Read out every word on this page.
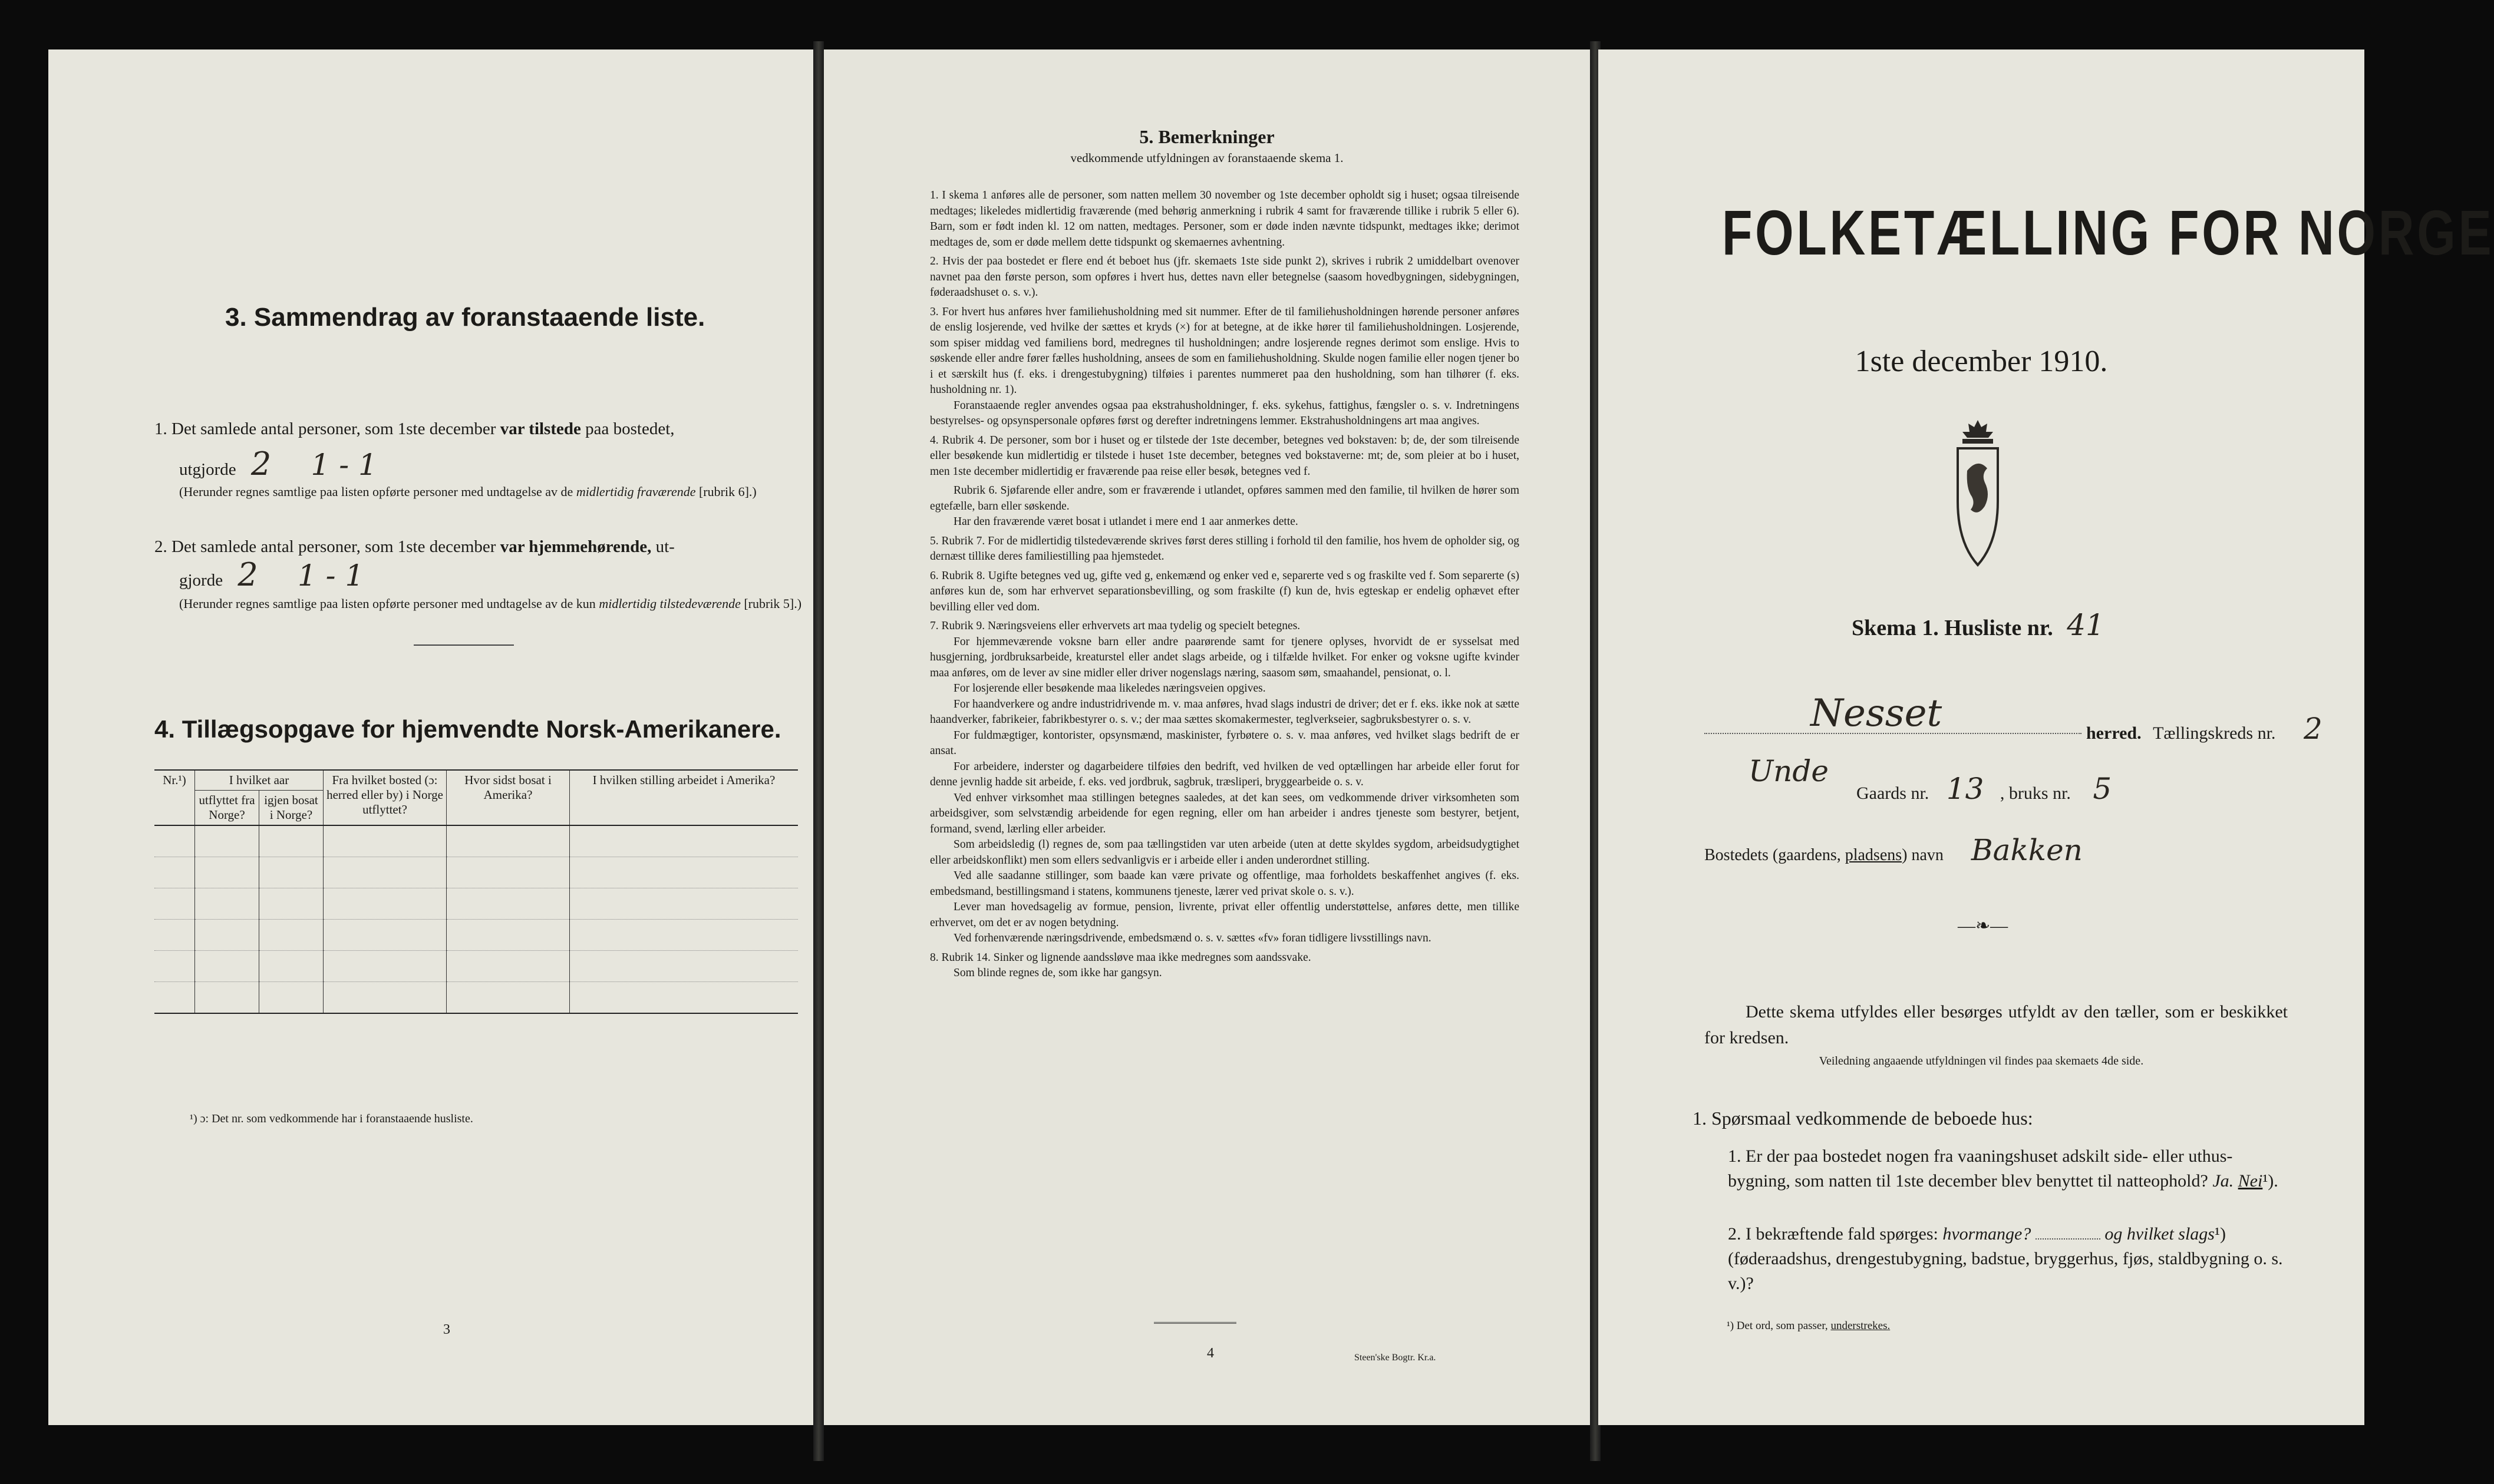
3. Sammendrag av foranstaaende liste.
1. Det samlede antal personer, som 1ste december var tilstede paa bostedet,
utgjorde 2 1 - 1
(Herunder regnes samtlige paa listen opførte personer med undtagelse av de midlertidig fraværende [rubrik 6].)
2. Det samlede antal personer, som 1ste december var hjemmehørende, ut-
gjorde 2 1 - 1
(Herunder regnes samtlige paa listen opførte personer med undtagelse av de kun midlertidig tilstedeværende [rubrik 5].)
4. Tillægsopgave for hjemvendte Norsk-Amerikanere.
Nr.¹)	I hvilket aar		Fra hvilket bosted (ɔ: herred eller by) i Norge utflyttet?	Hvor sidst bosat i Amerika?	I hvilken stilling arbeidet i Amerika?
	utflyttet fra Norge?	igjen bosat i Norge?			

¹) ɔ: Det nr. som vedkommende har i foranstaaende husliste.
3
5. Bemerkninger
vedkommende utfyldningen av foranstaaende skema 1.

1. I skema 1 anføres alle de personer, som natten mellem 30 november og 1ste december opholdt sig i huset; ogsaa tilreisende medtages; likeledes midlertidig fraværende (med behørig anmerkning i rubrik 4 samt for fraværende tillike i rubrik 5 eller 6). Barn, som er født inden kl. 12 om natten, medtages. Personer, som er døde inden nævnte tidspunkt, medtages ikke; derimot medtages de, som er døde mellem dette tidspunkt og skemaernes avhentning.

2. Hvis der paa bostedet er flere end ét beboet hus (jfr. skemaets 1ste side punkt 2), skrives i rubrik 2 umiddelbart ovenover navnet paa den første person, som opføres i hvert hus, dettes navn eller betegnelse (saasom hovedbygningen, sidebygningen, føderaadshuset o. s. v.).

3. For hvert hus anføres hver familiehusholdning med sit nummer. Efter de til familiehusholdningen hørende personer anføres de enslig losjerende, ved hvilke der sættes et kryds (×) for at betegne, at de ikke hører til familiehusholdningen. Losjerende, som spiser middag ved familiens bord, medregnes til husholdningen; andre losjerende regnes derimot som enslige. Hvis to søskende eller andre fører fælles husholdning, ansees de som en familiehusholdning. Skulde nogen familie eller nogen tjener bo i et særskilt hus (f. eks. i drengestubygning) tilføies i parentes nummeret paa den husholdning, som han tilhører (f. eks. husholdning nr. 1).

Foranstaaende regler anvendes ogsaa paa ekstrahusholdninger, f. eks. sykehus, fattighus, fængsler o. s. v. Indretningens bestyrelses- og opsynspersonale opføres først og derefter indretningens lemmer. Ekstrahusholdningens art maa angives.

4. Rubrik 4. De personer, som bor i huset og er tilstede der 1ste december, betegnes ved bokstaven: b; de, der som tilreisende eller besøkende kun midlertidig er tilstede i huset 1ste december, betegnes ved bokstaverne: mt; de, som pleier at bo i huset, men 1ste december midlertidig er fraværende paa reise eller besøk, betegnes ved f.

Rubrik 6. Sjøfarende eller andre, som er fraværende i utlandet, opføres sammen med den familie, til hvilken de hører som egtefælle, barn eller søskende.

Har den fraværende været bosat i utlandet i mere end 1 aar anmerkes dette.

5. Rubrik 7. For de midlertidig tilstedeværende skrives først deres stilling i forhold til den familie, hos hvem de opholder sig, og dernæst tillike deres familiestilling paa hjemstedet.

6. Rubrik 8. Ugifte betegnes ved ug, gifte ved g, enkemænd og enker ved e, separerte ved s og fraskilte ved f. Som separerte (s) anføres kun de, som har erhvervet separationsbevilling, og som fraskilte (f) kun de, hvis egteskap er endelig ophævet efter bevilling eller ved dom.

7. Rubrik 9. Næringsveiens eller erhvervets art maa tydelig og specielt betegnes.

For hjemmeværende voksne barn eller andre paarørende samt for tjenere oplyses, hvorvidt de er sysselsat med husgjerning, jordbruksarbeide, kreaturstel eller andet slags arbeide, og i tilfælde hvilket. For enker og voksne ugifte kvinder maa anføres, om de lever av sine midler eller driver nogenslags næring, saasom søm, smaahandel, pensionat, o. l.

For losjerende eller besøkende maa likeledes næringsveien opgives.

For haandverkere og andre industridrivende m. v. maa anføres, hvad slags industri de driver; det er f. eks. ikke nok at sætte haandverker, fabrikeier, fabrikbestyrer o. s. v.; der maa sættes skomakermester, teglverkseier, sagbruksbestyrer o. s. v.

For fuldmægtiger, kontorister, opsynsmænd, maskinister, fyrbøtere o. s. v. maa anføres, ved hvilket slags bedrift de er ansat.

For arbeidere, inderster og dagarbeidere tilføies den bedrift, ved hvilken de ved optællingen har arbeide eller forut for denne jevnlig hadde sit arbeide, f. eks. ved jordbruk, sagbruk, træsliperi, bryggearbeide o. s. v.

Ved enhver virksomhet maa stillingen betegnes saaledes, at det kan sees, om vedkommende driver virksomheten som arbeidsgiver, som selvstændig arbeidende for egen regning, eller om han arbeider i andres tjeneste som bestyrer, betjent, formand, svend, lærling eller arbeider.

Som arbeidsledig (l) regnes de, som paa tællingstiden var uten arbeide (uten at dette skyldes sygdom, arbeidsudygtighet eller arbeidskonflikt) men som ellers sedvanligvis er i arbeide eller i anden underordnet stilling.

Ved alle saadanne stillinger, som baade kan være private og offentlige, maa forholdets beskaffenhet angives (f. eks. embedsmand, bestillingsmand i statens, kommunens tjeneste, lærer ved privat skole o. s. v.).

Lever man hovedsagelig av formue, pension, livrente, privat eller offentlig understøttelse, anføres dette, men tillike erhvervet, om det er av nogen betydning.

Ved forhenværende næringsdrivende, embedsmænd o. s. v. sættes «fv» foran tidligere livsstillings navn.

8. Rubrik 14. Sinker og lignende aandssløve maa ikke medregnes som aandssvake.

Som blinde regnes de, som ikke har gangsyn.

4	Steen'ske Bogtr. Kr.a.
FOLKETÆLLING FOR NORGE
1ste december 1910.
Skema 1. Husliste nr. 41
Nesset	herred. Tællingskreds nr. 2
Unde
Gaards nr. 13 , bruks nr. 5
Bostedets (gaardens, pladsens) navn Bakken
—❧—
Dette skema utfyldes eller besørges utfyldt av den tæller, som er beskikket for kredsen.
Veiledning angaaende utfyldningen vil findes paa skemaets 4de side.
1. Spørsmaal vedkommende de beboede hus:
1. Er der paa bostedet nogen fra vaaningshuset adskilt side- eller uthus-bygning, som natten til 1ste december blev benyttet til natteophold? Ja. Nei¹).
2. I bekræftende fald spørges: hvormange?	og hvilket slags¹) (føderaadshus, drengestubygning, badstue, bryggerhus, fjøs, staldbygning o. s. v.)?
¹) Det ord, som passer, understrekes.
